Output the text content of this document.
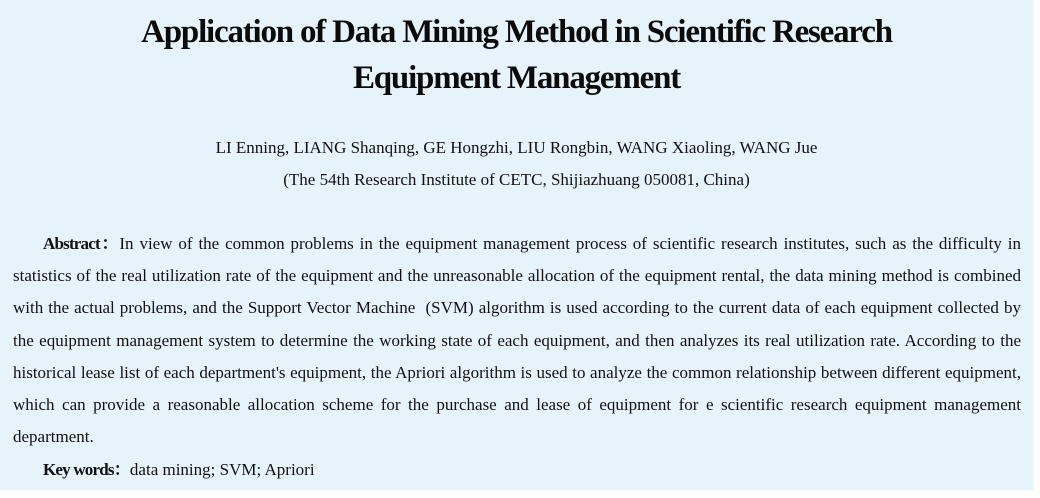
Application of Data Mining Method in Scientific Research
Equipment Management
LI Enning, LIANG Shanqing, GE Hongzhi, LIU Rongbin, WANG Xiaoling, WANG Jue
(The 54th Research Institute of CETC, Shijiazhuang 050081, China)

Abstract：In view of the common problems in the equipment management process of scientific research institutes, such as the difficulty in statistics of the real utilization rate of the equipment and the unreasonable allocation of the equipment rental, the data mining method is combined with the actual problems, and the Support Vector Machine  (SVM) algorithm is used according to the current data of each equipment collected by the equipment management system to determine the working state of each equipment, and then analyzes its real utilization rate. According to the historical lease list of each department's equipment, the Apriori algorithm is used to analyze the common relationship between different equipment, which can provide a reasonable allocation scheme for the purchase and lease of equipment for e scientific research equipment management department.

Key words：data mining; SVM; Apriori
